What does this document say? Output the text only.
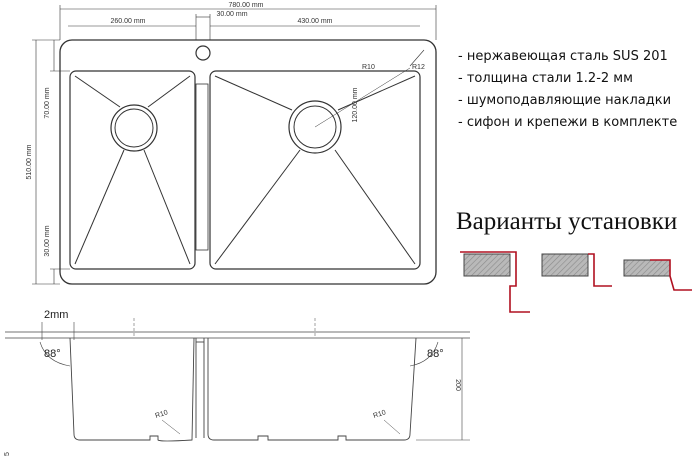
780.00 mm
260.00 mm
30.00 mm
430.00 mm
R10	R12
510.00 mm
70.00 mm
30.00 mm
120.00 mm
2mm
88°	88°
200
R10	R10
5
- нержавеющая сталь SUS 201
- толщина стали 1.2-2 мм
- шумоподавляющие накладки
- сифон и крепежи в комплекте
Варианты установки
